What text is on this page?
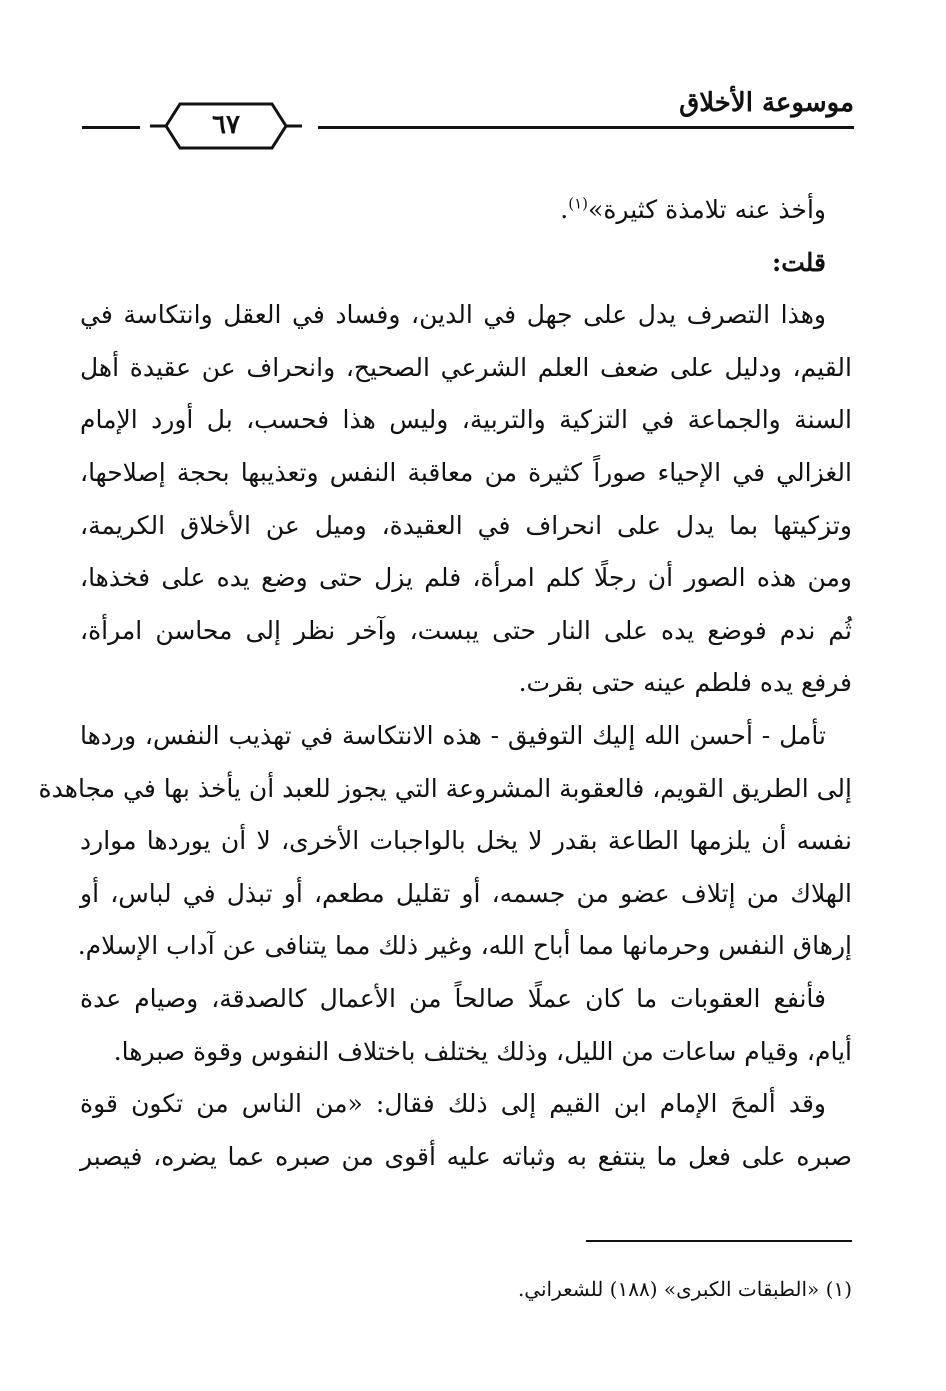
موسوعة الأخلاق
٦٧

وأخذ عنه تلامذة كثيرة»$^{(١)}$.

قلت:

وهذا التصرف يدل على جهل في الدين، وفساد في العقل وانتكاسة في
القيم، ودليل على ضعف العلم الشرعي الصحيح، وانحراف عن عقيدة أهل
السنة والجماعة في التزكية والتربية، وليس هذا فحسب، بل أورد الإمام
الغزالي في الإحياء صوراً كثيرة من معاقبة النفس وتعذيبها بحجة إصلاحها،
وتزكيتها بما يدل على انحراف في العقيدة، وميل عن الأخلاق الكريمة،
ومن هذه الصور أن رجلًا كلم امرأة، فلم يزل حتى وضع يده على فخذها،
ثُم ندم فوضع يده على النار حتى يبست، وآخر نظر إلى محاسن امرأة،
فرفع يده فلطم عينه حتى بقرت.

تأمل - أحسن الله إليك التوفيق - هذه الانتكاسة في تهذيب النفس، وردها
إلى الطريق القويم، فالعقوبة المشروعة التي يجوز للعبد أن يأخذ بها في مجاهدة
نفسه أن يلزمها الطاعة بقدر لا يخل بالواجبات الأخرى، لا أن يوردها موارد
الهلاك من إتلاف عضو من جسمه، أو تقليل مطعم، أو تبذل في لباس، أو
إرهاق النفس وحرمانها مما أباح الله، وغير ذلك مما يتنافى عن آداب الإسلام.

فأنفع العقوبات ما كان عملًا صالحاً من الأعمال كالصدقة، وصيام عدة
أيام، وقيام ساعات من الليل، وذلك يختلف باختلاف النفوس وقوة صبرها.

وقد ألمحَ الإمام ابن القيم إلى ذلك فقال: «من الناس من تكون قوة
صبره على فعل ما ينتفع به وثباته عليه أقوى من صبره عما يضره، فيصبر

(١) «الطبقات الكبرى» (١٨٨) للشعراني.
